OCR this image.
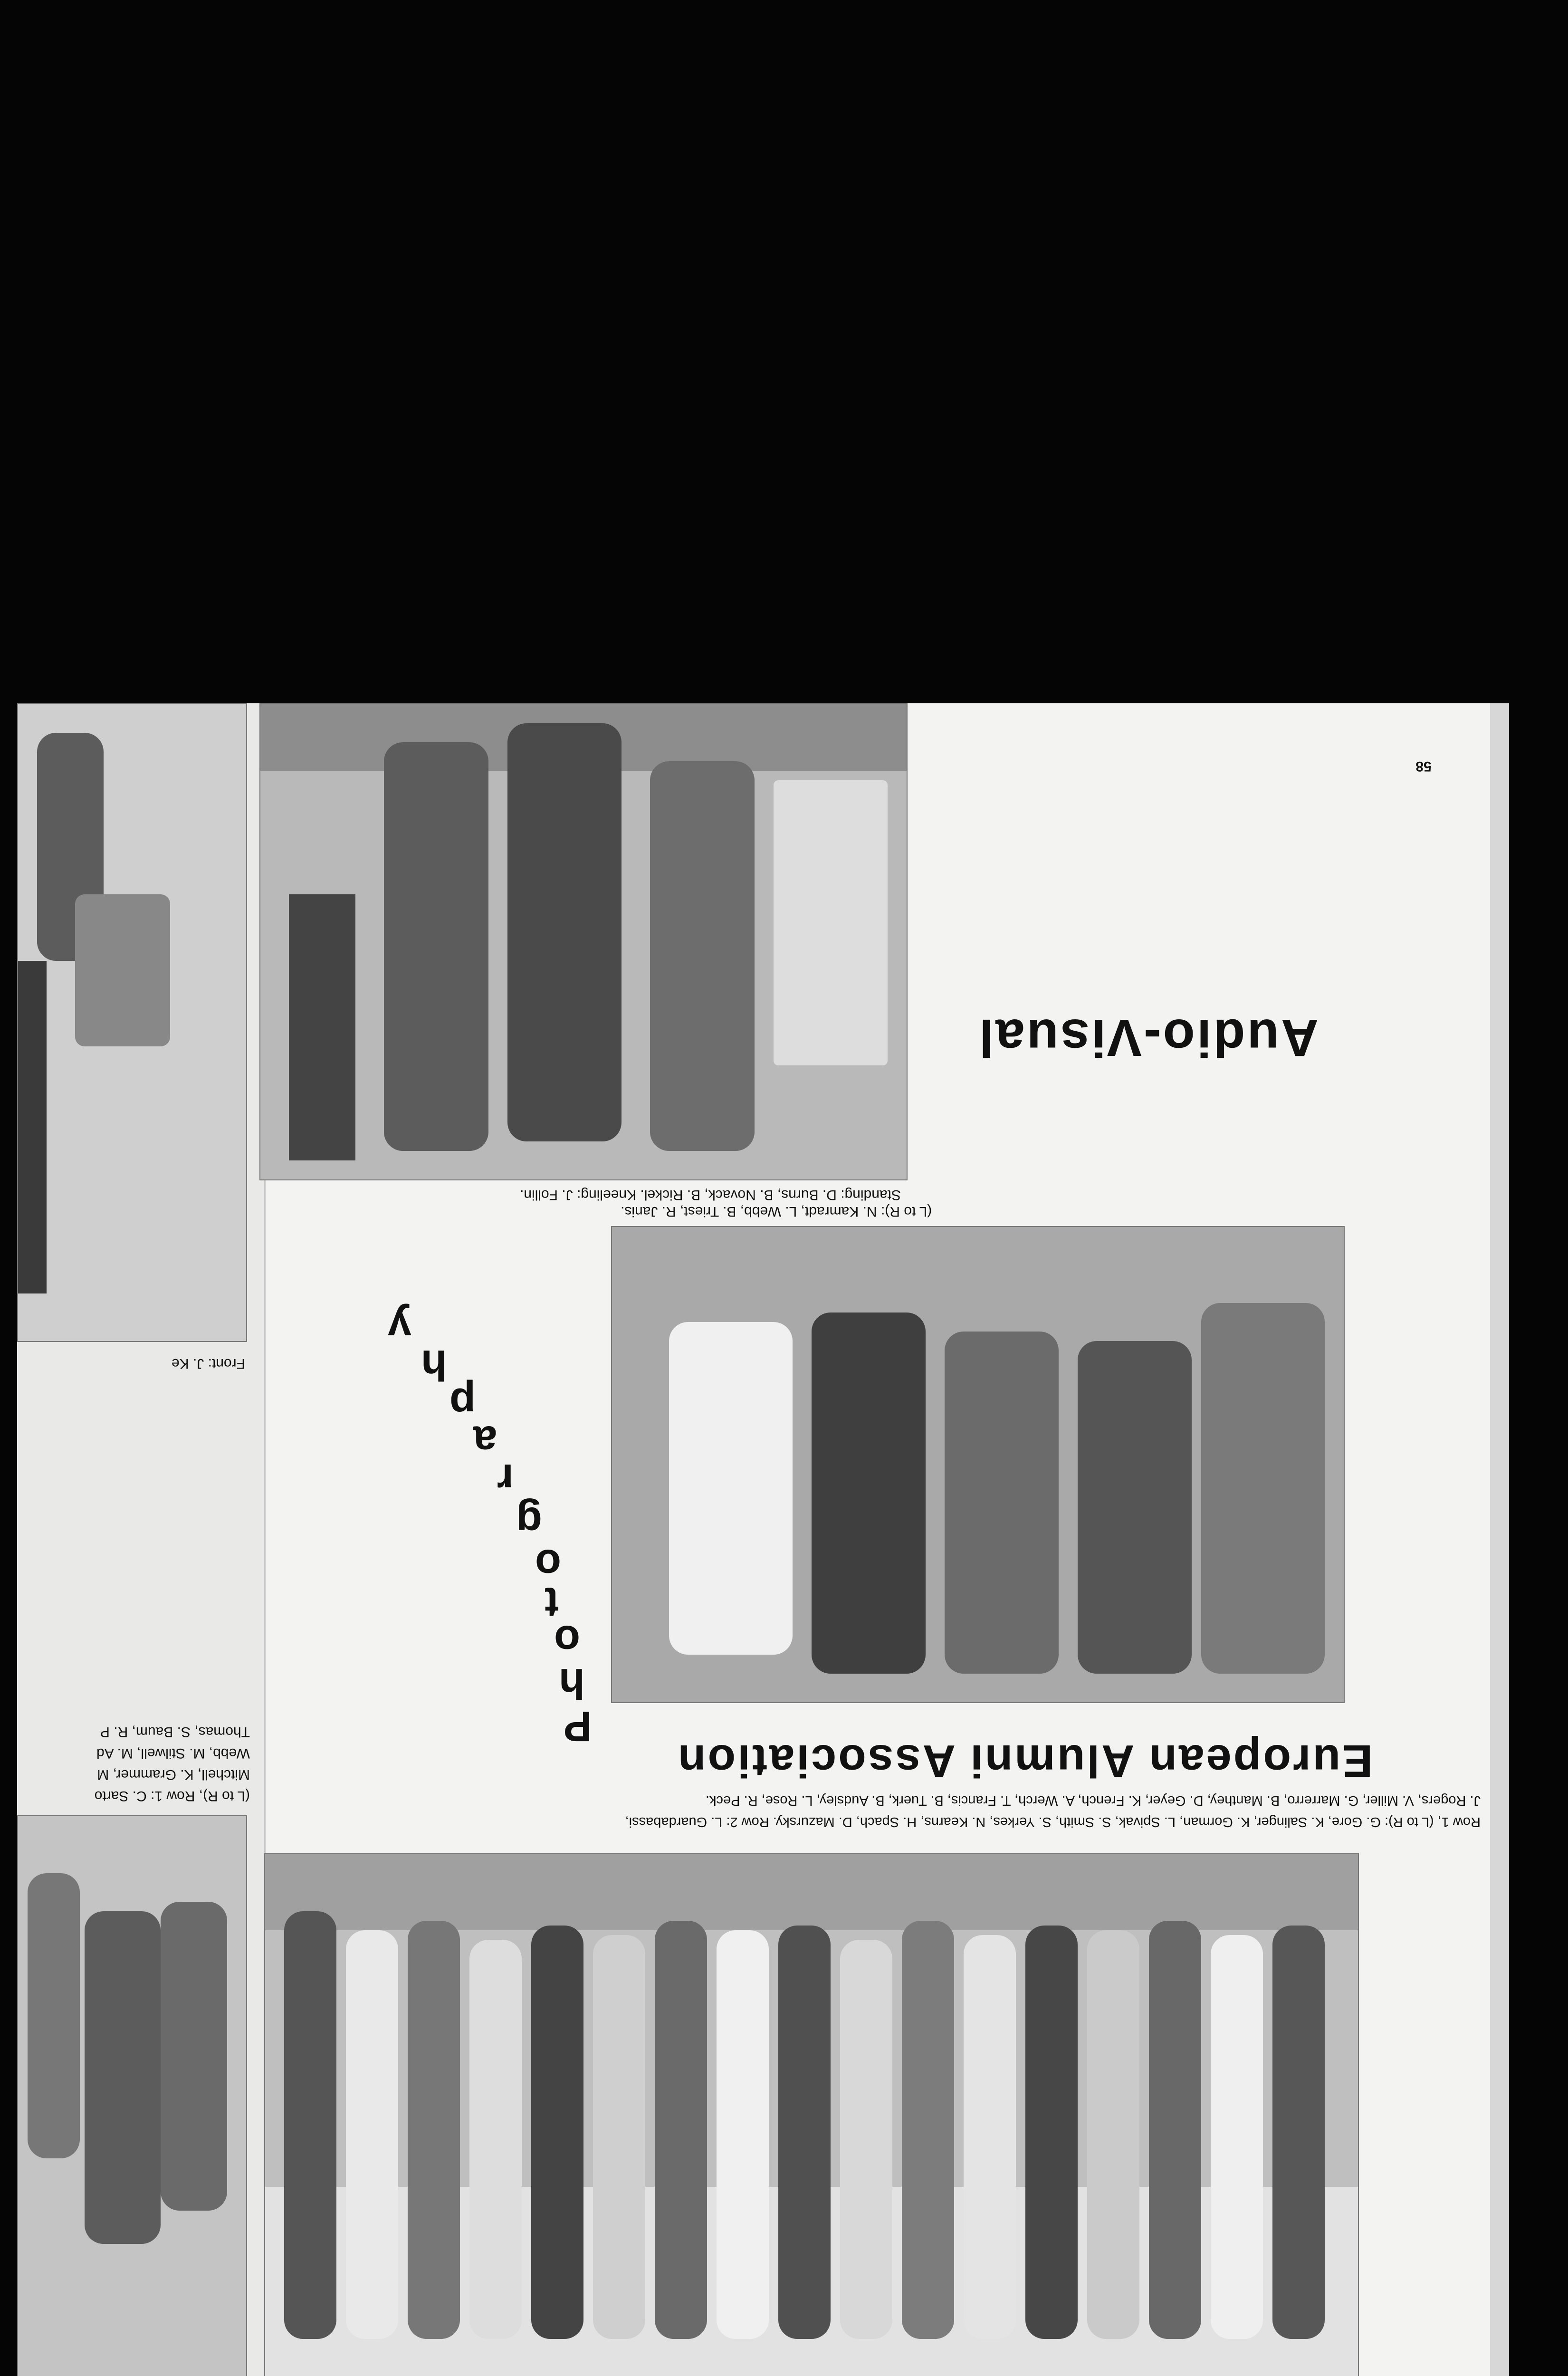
Front: J. Ke
(L to R), Row 1: C. Sarto
Mitchell, K. Grammer, M
Webb, M. Stilwell, M. Ad
Thomas, S. Baum, R. P
Standing: D. Burns, B. Novack, B. Rickel. Kneeling: J. Follin.
Audio-Visual
58
(L to R): N. Kamradt, L. Webb, B. Triest, R. Janis.
P
h
o
t
o
g
r
a
p
h
y
European Alumni Association
Row 1, (L to R): G. Gore, K. Salinger, K. Gorman, L. Spivak, S. Smith, S. Yerkes, N. Kearns, H. Spach, D. Mazursky. Row 2: L. Guardabassi,
J. Rogers, V. Miller, G. Marrerro, B. Manthey, D. Geyer, K. French, A. Werch, T. Francis, B. Tuerk, B. Audsley, L. Rose, R. Peck.
